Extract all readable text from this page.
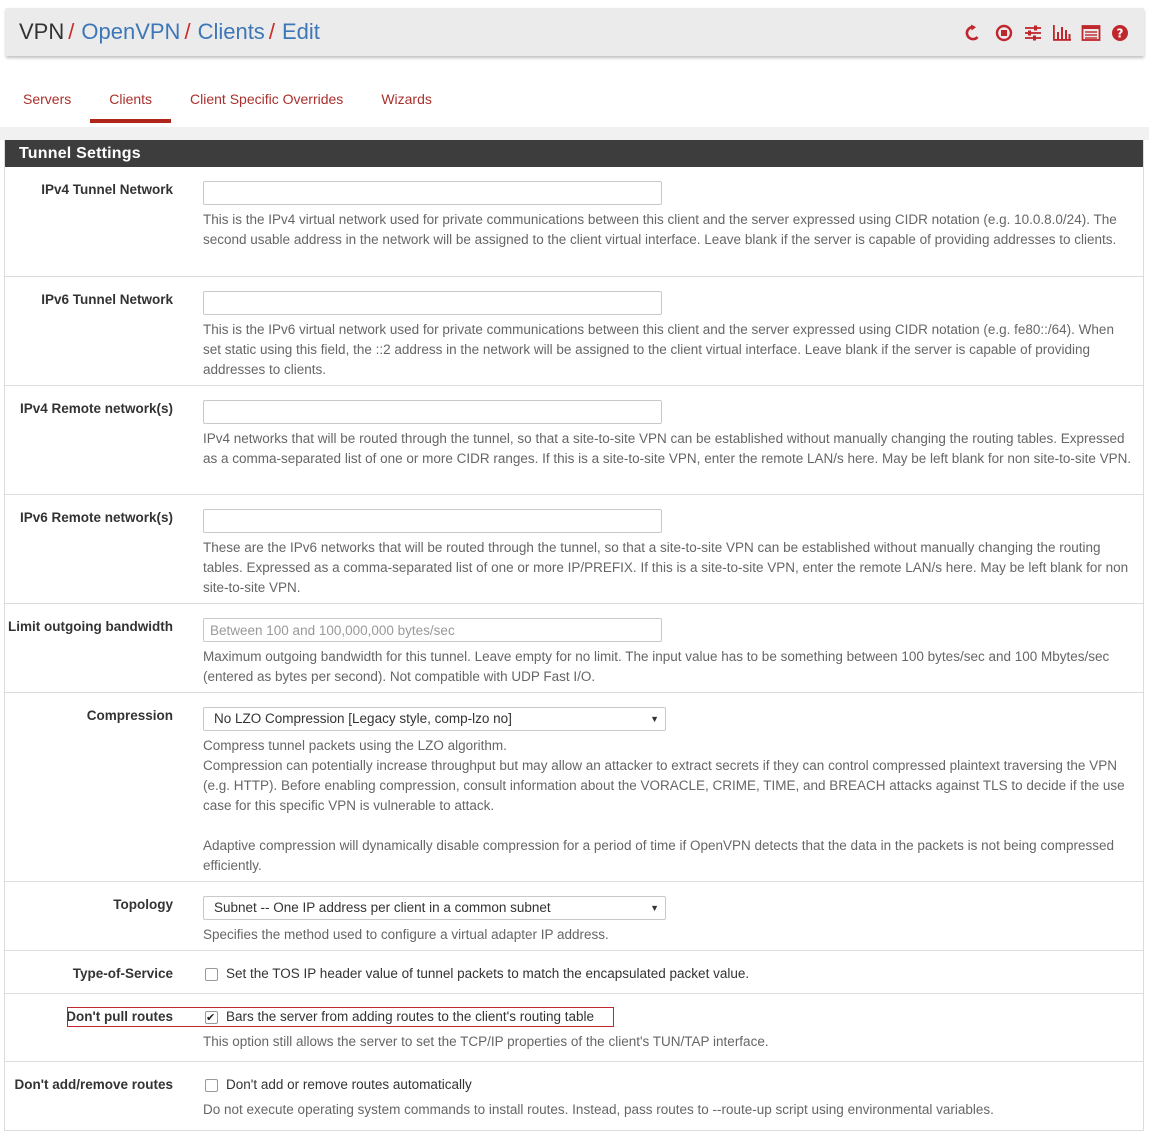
VPN / OpenVPN / Clients / Edit	?
Servers	Clients	Client Specific Overrides	Wizards
Tunnel Settings
IPv4 Tunnel Network
This is the IPv4 virtual network used for private communications between this client and the server expressed using CIDR notation (e.g. 10.0.8.0/24). The second usable address in the network will be assigned to the client virtual interface. Leave blank if the server is capable of providing addresses to clients.
IPv6 Tunnel Network
This is the IPv6 virtual network used for private communications between this client and the server expressed using CIDR notation (e.g. fe80::/64). When set static using this field, the ::2 address in the network will be assigned to the client virtual interface. Leave blank if the server is capable of providing addresses to clients.
IPv4 Remote network(s)
IPv4 networks that will be routed through the tunnel, so that a site-to-site VPN can be established without manually changing the routing tables. Expressed as a comma-separated list of one or more CIDR ranges. If this is a site-to-site VPN, enter the remote LAN/s here. May be left blank for non site-to-site VPN.
IPv6 Remote network(s)
These are the IPv6 networks that will be routed through the tunnel, so that a site-to-site VPN can be established without manually changing the routing tables. Expressed as a comma-separated list of one or more IP/PREFIX. If this is a site-to-site VPN, enter the remote LAN/s here. May be left blank for non site-to-site VPN.
Limit outgoing bandwidth
Between 100 and 100,000,000 bytes/sec
Maximum outgoing bandwidth for this tunnel. Leave empty for no limit. The input value has to be something between 100 bytes/sec and 100 Mbytes/sec (entered as bytes per second). Not compatible with UDP Fast I/O.
Compression	No LZO Compression [Legacy style, comp-lzo no]	▼
Compress tunnel packets using the LZO algorithm.
Compression can potentially increase throughput but may allow an attacker to extract secrets if they can control compressed plaintext traversing the VPN (e.g. HTTP). Before enabling compression, consult information about the VORACLE, CRIME, TIME, and BREACH attacks against TLS to decide if the use case for this specific VPN is vulnerable to attack.
Adaptive compression will dynamically disable compression for a period of time if OpenVPN detects that the data in the packets is not being compressed efficiently.
Topology	Subnet -- One IP address per client in a common subnet	▼
Specifies the method used to configure a virtual adapter IP address.
Type-of-Service	Set the TOS IP header value of tunnel packets to match the encapsulated packet value.
Don't pull routes
✔	Bars the server from adding routes to the client's routing table
This option still allows the server to set the TCP/IP properties of the client's TUN/TAP interface.
Don't add/remove routes	Don't add or remove routes automatically
Do not execute operating system commands to install routes. Instead, pass routes to --route-up script using environmental variables.
